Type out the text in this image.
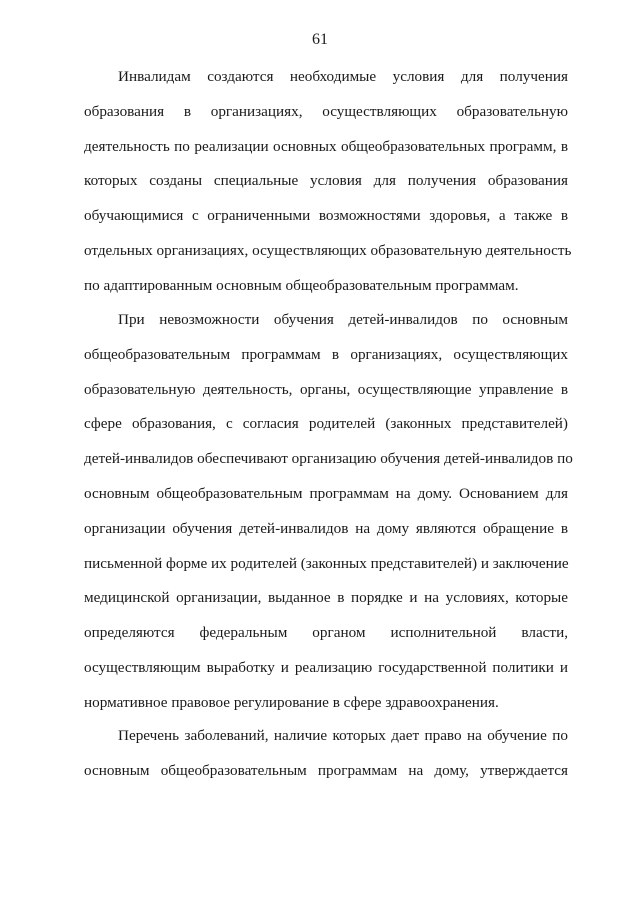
61
Инвалидам создаются необходимые условия для получения
образования в организациях, осуществляющих образовательную
деятельность по реализации основных общеобразовательных программ, в
которых созданы специальные условия для получения образования
обучающимися с ограниченными возможностями здоровья, а также в
отдельных организациях, осуществляющих образовательную деятельность
по адаптированным основным общеобразовательным программам.
При невозможности обучения детей-инвалидов по основным
общеобразовательным программам в организациях, осуществляющих
образовательную деятельность, органы, осуществляющие управление в
сфере образования, с согласия родителей (законных представителей)
детей-инвалидов обеспечивают организацию обучения детей-инвалидов по
основным общеобразовательным программам на дому. Основанием для
организации обучения детей-инвалидов на дому являются обращение в
письменной форме их родителей (законных представителей) и заключение
медицинской организации, выданное в порядке и на условиях, которые
определяются федеральным органом исполнительной власти,
осуществляющим выработку и реализацию государственной политики и
нормативное правовое регулирование в сфере здравоохранения.
Перечень заболеваний, наличие которых дает право на обучение по
основным общеобразовательным программам на дому, утверждается
